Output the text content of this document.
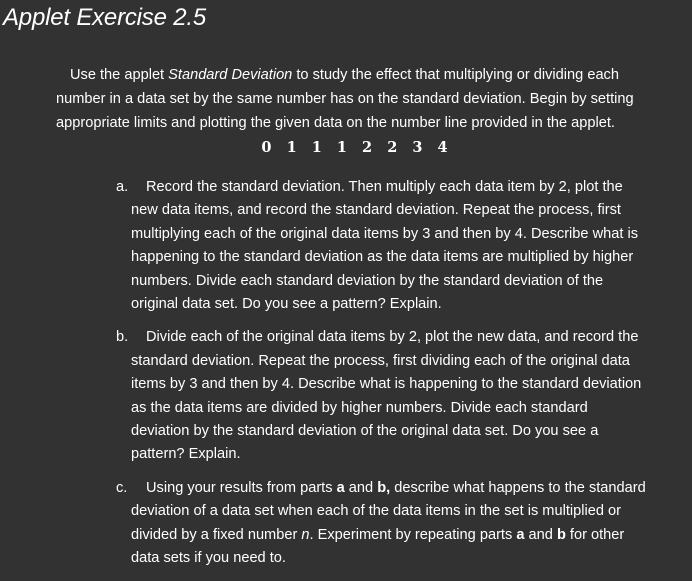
Applet Exercise 2.5

Use the applet Standard Deviation to study the effect that multiplying or dividing each number in a data set by the same number has on the standard deviation. Begin by setting appropriate limits and plotting the given data on the number line provided in the applet.

0 1 1 1 2 2 3 4

a.	Record the standard deviation. Then multiply each data item by 2, plot the new data items, and record the standard deviation. Repeat the process, first multiplying each of the original data items by 3 and then by 4. Describe what is happening to the standard deviation as the data items are multiplied by higher numbers. Divide each standard deviation by the standard deviation of the original data set. Do you see a pattern? Explain.
b.	Divide each of the original data items by 2, plot the new data, and record the standard deviation. Repeat the process, first dividing each of the original data items by 3 and then by 4. Describe what is happening to the standard deviation as the data items are divided by higher numbers. Divide each standard deviation by the standard deviation of the original data set. Do you see a pattern? Explain.
c.	Using your results from parts a and b, describe what happens to the standard deviation of a data set when each of the data items in the set is multiplied or divided by a fixed number n. Experiment by repeating parts a and b for other data sets if you need to.
